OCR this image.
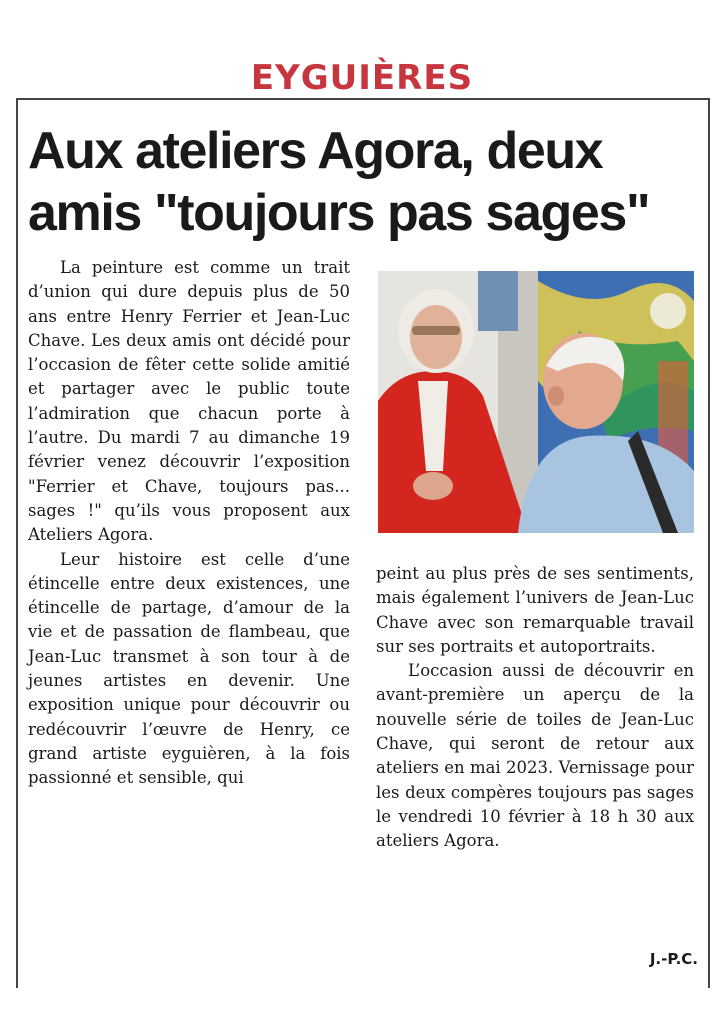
EYGUIÈRES
Aux ateliers Agora, deux amis "toujours pas sages"

La peinture est comme un trait d’union qui dure depuis plus de 50 ans entre Henry Ferrier et Jean-Luc Chave. Les deux amis ont décidé pour l’occasion de fêter cette solide amitié et partager avec le public toute l’admiration que chacun porte à l’autre. Du mardi 7 au dimanche 19 février venez découvrir l’exposition "Ferrier et Chave, toujours pas... sages !" qu’ils vous proposent aux Ateliers Agora.

Leur histoire est celle d’une étincelle entre deux existences, une étincelle de partage, d’amour de la vie et de passation de flambeau, que Jean-Luc transmet à son tour à de jeunes artistes en devenir. Une exposition unique pour découvrir ou redécouvrir l’œuvre de Henry, ce grand artiste eyguièren, à la fois passionné et sensible, qui

peint au plus près de ses sentiments, mais également l’univers de Jean-Luc Chave avec son remarquable travail sur ses portraits et autoportraits.

L’occasion aussi de découvrir en avant-première un aperçu de la nouvelle série de toiles de Jean-Luc Chave, qui seront de retour aux ateliers en mai 2023. Vernissage pour les deux compères toujours pas sages le vendredi 10 février à 18 h 30 aux ateliers Agora.

J.-P.C.
